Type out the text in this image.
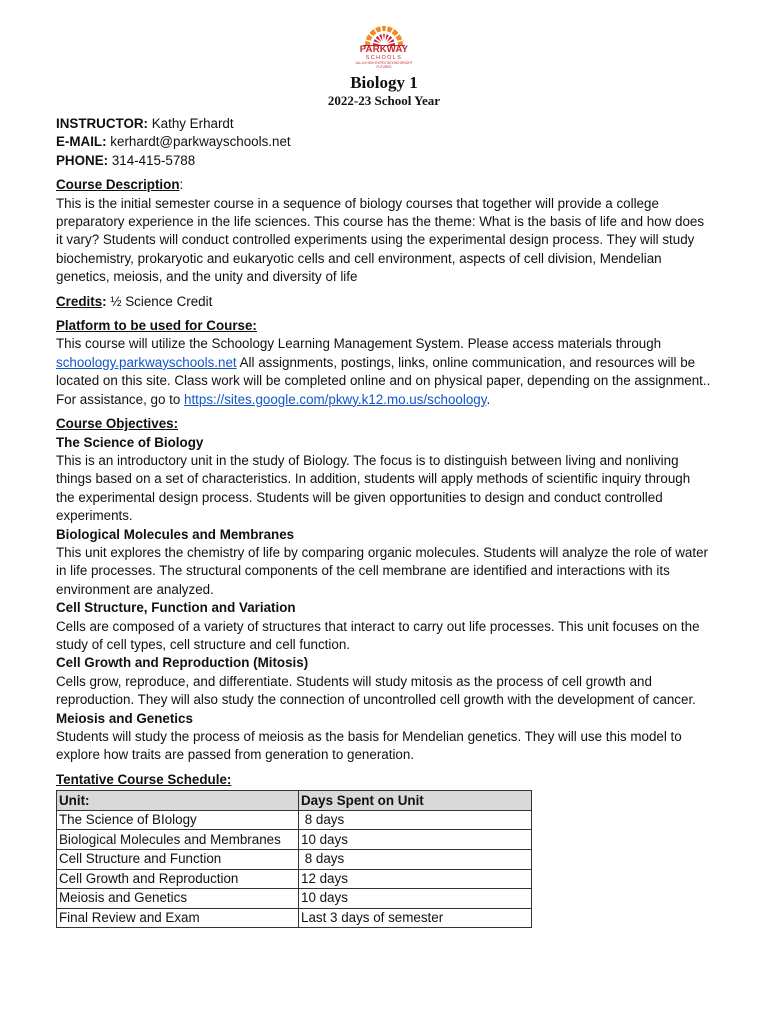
PARKWAY
SCHOOLS
ALL-IN HIGH EXPECTATIONS BRIGHT FUTURES
Biology 1
2022-23 School Year
INSTRUCTOR: Kathy Erhardt
E-MAIL: kerhardt@parkwayschools.net
PHONE: 314-415-5788
Course Description:

This is the initial semester course in a sequence of biology courses that together will provide a college preparatory experience in the life sciences. This course has the theme: What is the basis of life and how does it vary? Students will conduct controlled experiments using the experimental design process. They will study biochemistry, prokaryotic and eukaryotic cells and cell environment, aspects of cell division, Mendelian genetics, meiosis, and the unity and diversity of life

Credits: ½ Science Credit
Platform to be used for Course:

This course will utilize the Schoology Learning Management System. Please access materials through schoology.parkwayschools.net All assignments, postings, links, online communication, and resources will be located on this site. Class work will be completed online and on physical paper, depending on the assignment.. For assistance, go to https://sites.google.com/pkwy.k12.mo.us/schoology.

Course Objectives:
The Science of Biology

This is an introductory unit in the study of Biology. The focus is to distinguish between living and nonliving things based on a set of characteristics. In addition, students will apply methods of scientific inquiry through the experimental design process. Students will be given opportunities to design and conduct controlled experiments.

Biological Molecules and Membranes

This unit explores the chemistry of life by comparing organic molecules. Students will analyze the role of water in life processes. The structural components of the cell membrane are identified and interactions with its environment are analyzed.

Cell Structure, Function and Variation

Cells are composed of a variety of structures that interact to carry out life processes. This unit focuses on the study of cell types, cell structure and cell function.

Cell Growth and Reproduction (Mitosis)

Cells grow, reproduce, and differentiate. Students will study mitosis as the process of cell growth and reproduction. They will also study the connection of uncontrolled cell growth with the development of cancer.

Meiosis and Genetics

Students will study the process of meiosis as the basis for Mendelian genetics. They will use this model to explore how traits are passed from generation to generation.

Tentative Course Schedule:
Unit:	Days Spent on Unit
The Science of BIology	8 days
Biological Molecules and Membranes	10 days
Cell Structure and Function	8 days
Cell Growth and Reproduction	12 days
Meiosis and Genetics	10 days
Final Review and Exam	Last 3 days of semester
